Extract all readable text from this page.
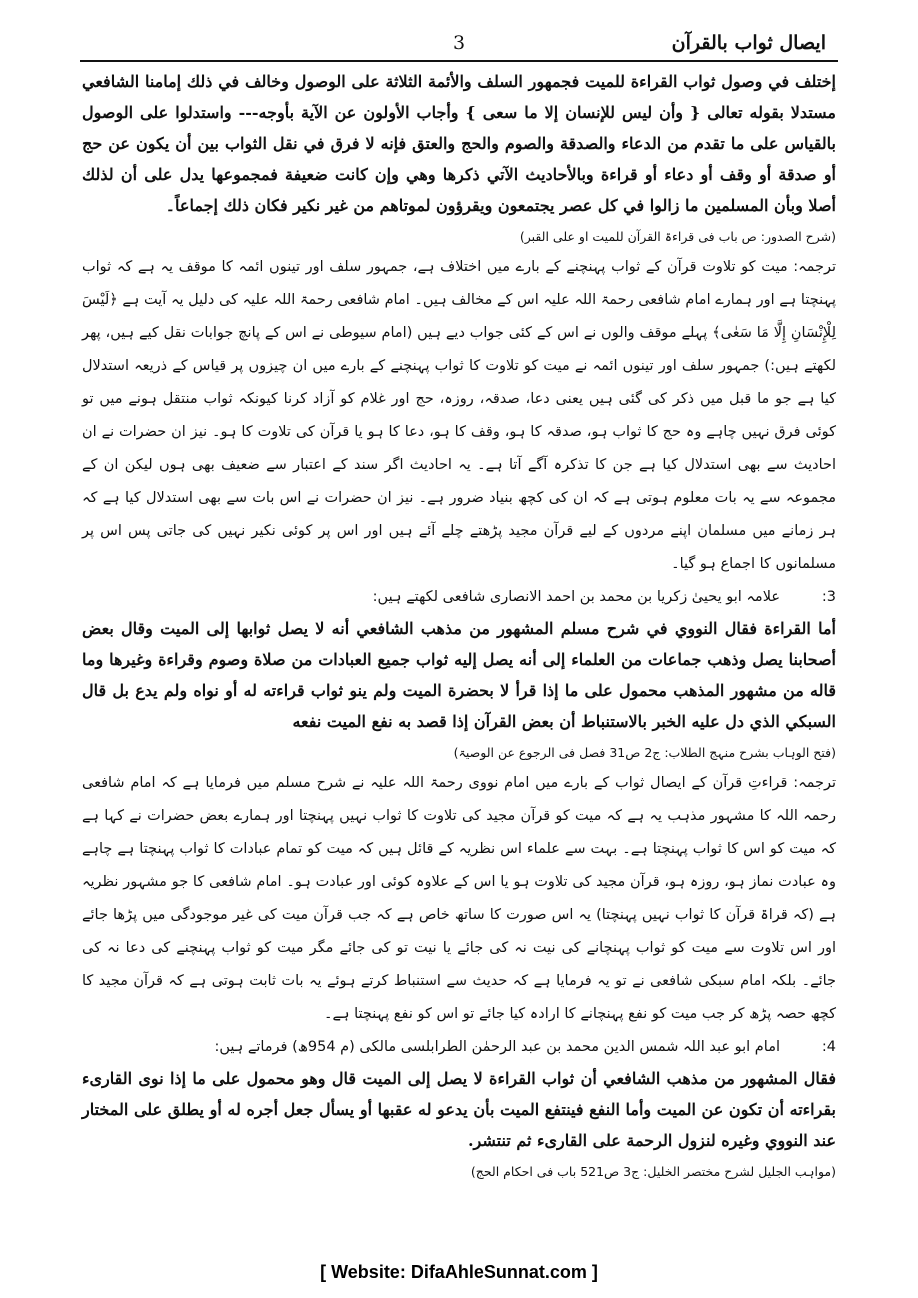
ایصال ثواب بالقرآن
3

إختلف في وصول ثواب القراءة للميت فجمهور السلف والأئمة الثلاثة على الوصول وخالف في ذلك إمامنا الشافعي مستدلا بقوله تعالى { وأن ليس للإنسان إلا ما سعى } وأجاب الأولون عن الآية بأوجه--- واستدلوا على الوصول بالقياس على ما تقدم من الدعاء والصدقة والصوم والحج والعتق فإنه لا فرق في نقل الثواب بين أن يكون عن حج أو صدقة أو وقف أو دعاء أو قراءة وبالأحاديث الآتي ذكرها وهي وإن كانت ضعيفة فمجموعها يدل على أن لذلك أصلا وبأن المسلمين ما زالوا في كل عصر يجتمعون ويقرؤون لموتاهم من غير نكير فكان ذلك إجماعاً۔

(شرح الصدور: ص باب فی قراءۃ القرآن للمیت او علی القبر)

ترجمہ: میت کو تلاوت قرآن کے ثواب پہنچنے کے بارے میں اختلاف ہے، جمہور سلف اور تینوں ائمہ کا موقف یہ ہے کہ ثواب پہنچتا ہے اور ہمارے امام شافعی رحمۃ اللہ علیہ اس کے مخالف ہیں۔ امام شافعی رحمۃ اللہ علیہ کی دلیل یہ آیت ہے ﴿لَيْسَ لِلْإِنْسَانِ إِلَّا مَا سَعٰى﴾ پہلے موقف والوں نے اس کے کئی جواب دیے ہیں (امام سیوطی نے اس کے پانچ جوابات نقل کیے ہیں، پھر لکھتے ہیں:) جمہور سلف اور تینوں ائمہ نے میت کو تلاوت کا ثواب پہنچنے کے بارے میں ان چیزوں پر قیاس کے ذریعہ استدلال کیا ہے جو ما قبل میں ذکر کی گئی ہیں یعنی دعا، صدقہ، روزہ، حج اور غلام کو آزاد کرنا کیونکہ ثواب منتقل ہونے میں تو کوئی فرق نہیں چاہے وہ حج کا ثواب ہو، صدقہ کا ہو، وقف کا ہو، دعا کا ہو یا قرآن کی تلاوت کا ہو۔ نیز ان حضرات نے ان احادیث سے بھی استدلال کیا ہے جن کا تذکرہ آگے آتا ہے۔ یہ احادیث اگر سند کے اعتبار سے ضعیف بھی ہوں لیکن ان کے مجموعہ سے یہ بات معلوم ہوتی ہے کہ ان کی کچھ بنیاد ضرور ہے۔ نیز ان حضرات نے اس بات سے بھی استدلال کیا ہے کہ ہر زمانے میں مسلمان اپنے مردوں کے لیے قرآن مجید پڑھتے چلے آئے ہیں اور اس پر کوئی نکیر نہیں کی جاتی پس اس پر مسلمانوں کا اجماع ہو گیا۔

3:
علامہ ابو یحییٰ زکریا بن محمد بن احمد الانصاری شافعی لکھتے ہیں:

أما القراءة فقال النووي في شرح مسلم المشهور من مذهب الشافعي أنه لا يصل ثوابها إلى الميت وقال بعض أصحابنا يصل وذهب جماعات من العلماء إلى أنه يصل إليه ثواب جميع العبادات من صلاة وصوم وقراءة وغيرها وما قاله من مشهور المذهب محمول على ما إذا قرأ لا بحضرة الميت ولم ينو ثواب قراءته له أو نواه ولم يدع بل قال السبكي الذي دل عليه الخبر بالاستنباط أن بعض القرآن إذا قصد به نفع الميت نفعه

(فتح الوہاب بشرح منہج الطلاب: ج2 ص31 فصل فی الرجوع عن الوصیۃ)

ترجمہ: قراءتِ قرآن کے ایصال ثواب کے بارے میں امام نووی رحمۃ اللہ علیہ نے شرح مسلم میں فرمایا ہے کہ امام شافعی رحمہ اللہ کا مشہور مذہب یہ ہے کہ میت کو قرآن مجید کی تلاوت کا ثواب نہیں پہنچتا اور ہمارے بعض حضرات نے کہا ہے کہ میت کو اس کا ثواب پہنچتا ہے۔ بہت سے علماء اس نظریہ کے قائل ہیں کہ میت کو تمام عبادات کا ثواب پہنچتا ہے چاہے وہ عبادت نماز ہو، روزہ ہو، قرآن مجید کی تلاوت ہو یا اس کے علاوہ کوئی اور عبادت ہو۔ امام شافعی کا جو مشہور نظریہ ہے (کہ قراۃ قرآن کا ثواب نہیں پہنچتا) یہ اس صورت کا ساتھ خاص ہے کہ جب قرآن میت کی غیر موجودگی میں پڑھا جائے اور اس تلاوت سے میت کو ثواب پہنچانے کی نیت نہ کی جائے یا نیت تو کی جائے مگر میت کو ثواب پہنچنے کی دعا نہ کی جائے۔ بلکہ امام سبکی شافعی نے تو یہ فرمایا ہے کہ حدیث سے استنباط کرتے ہوئے یہ بات ثابت ہوتی ہے کہ قرآن مجید کا کچھ حصہ پڑھ کر جب میت کو نفع پہنچانے کا ارادہ کیا جائے تو اس کو نفع پہنچتا ہے۔

4:
امام ابو عبد اللہ شمس الدین محمد بن عبد الرحمٰن الطرابلسی مالکی (م 954ھ) فرماتے ہیں:

فقال المشهور من مذهب الشافعي أن ثواب القراءة لا يصل إلى الميت قال وهو محمول على ما إذا نوى القارىء بقراءته أن تكون عن الميت وأما النفع فينتفع الميت بأن يدعو له عقبها أو يسأل جعل أجره له أو يطلق على المختار عند النووي وغيره لنزول الرحمة على القارىء ثم تنتشر.

(مواہب الجلیل لشرح مختصر الخلیل: ج3 ص521 باب فی احکام الحج)

[ Website: DifaAhleSunnat.com ]
